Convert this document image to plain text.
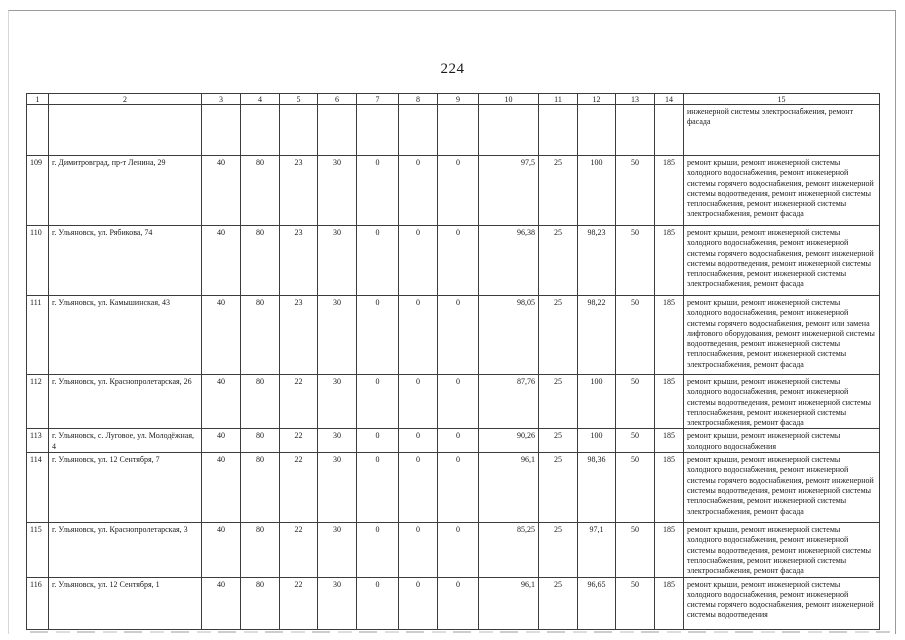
224
1	2	3	4	5	6	7	8	9	10	11	12	13	14	15
														инженерной системы электроснабжения, ремонт фасада
109	г. Димитровград, пр-т Ленина, 29	40	80	23	30	0	0	0	97,5	25	100	50	185	ремонт крыши, ремонт инженерной системы холодного водоснабжения, ремонт инженерной системы горячего водоснабжения, ремонт инженерной системы водоотведения, ремонт инженерной системы теплоснабжения, ремонт инженерной системы электроснабжения, ремонт фасада
110	г. Ульяновск, ул. Рябикова, 74	40	80	23	30	0	0	0	96,38	25	98,23	50	185	ремонт крыши, ремонт инженерной системы холодного водоснабжения, ремонт инженерной системы горячего водоснабжения, ремонт инженерной системы водоотведения, ремонт инженерной системы теплоснабжения, ремонт инженерной системы электроснабжения, ремонт фасада
111	г. Ульяновск, ул. Камышинская, 43	40	80	23	30	0	0	0	98,05	25	98,22	50	185	ремонт крыши, ремонт инженерной системы холодного водоснабжения, ремонт инженерной системы горячего водоснабжения, ремонт или замена лифтового оборудования, ремонт инженерной системы водоотведения, ремонт инженерной системы теплоснабжения, ремонт инженерной системы электроснабжения, ремонт фасада
112	г. Ульяновск, ул. Краснопролетарская, 26	40	80	22	30	0	0	0	87,76	25	100	50	185	ремонт крыши, ремонт инженерной системы холодного водоснабжения, ремонт инженерной системы водоотведения, ремонт инженерной системы теплоснабжения, ремонт инженерной системы электроснабжения, ремонт фасада
113	г. Ульяновск, с. Луговое, ул. Молодёжная, 4	40	80	22	30	0	0	0	90,26	25	100	50	185	ремонт крыши, ремонт инженерной системы холодного водоснабжения
114	г. Ульяновск, ул. 12 Сентября, 7	40	80	22	30	0	0	0	96,1	25	98,36	50	185	ремонт крыши, ремонт инженерной системы холодного водоснабжения, ремонт инженерной системы горячего водоснабжения, ремонт инженерной системы водоотведения, ремонт инженерной системы теплоснабжения, ремонт инженерной системы электроснабжения, ремонт фасада
115	г. Ульяновск, ул. Краснопролетарская, 3	40	80	22	30	0	0	0	85,25	25	97,1	50	185	ремонт крыши, ремонт инженерной системы холодного водоснабжения, ремонт инженерной системы водоотведения, ремонт инженерной системы теплоснабжения, ремонт инженерной системы электроснабжения, ремонт фасада
116	г. Ульяновск, ул. 12 Сентября, 1	40	80	22	30	0	0	0	96,1	25	96,65	50	185	ремонт крыши, ремонт инженерной системы холодного водоснабжения, ремонт инженерной системы горячего водоснабжения, ремонт инженерной системы водоотведения
